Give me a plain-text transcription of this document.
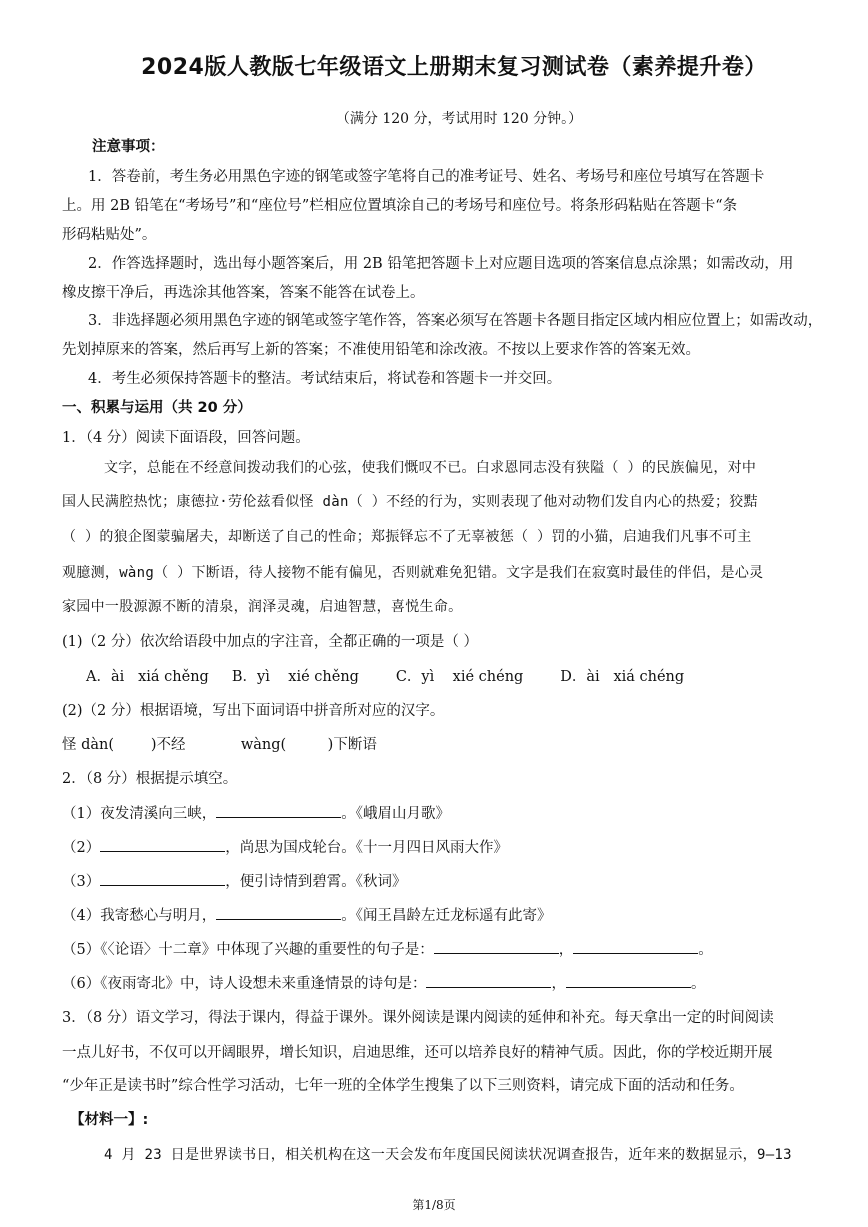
2024版人教版七年级语文上册期末复习测试卷（素养提升卷）
（满分 120 分，考试用时 120 分钟。）
注意事项：
1．答卷前，考生务必用黑色字迹的钢笔或签字笔将自己的准考证号、姓名、考场号和座位号填写在答题卡
上。用 2B 铅笔在“考场号”和“座位号”栏相应位置填涂自己的考场号和座位号。将条形码粘贴在答题卡“条
形码粘贴处”。
2．作答选择题时，选出每小题答案后，用 2B 铅笔把答题卡上对应题目选项的答案信息点涂黑；如需改动，用
橡皮擦干净后，再选涂其他答案，答案不能答在试卷上。
3．非选择题必须用黑色字迹的钢笔或签字笔作答，答案必须写在答题卡各题目指定区域内相应位置上；如需改动，
先划掉原来的答案，然后再写上新的答案；不准使用铅笔和涂改液。不按以上要求作答的答案无效。
4．考生必须保持答题卡的整洁。考试结束后，将试卷和答题卡一并交回。
一、积累与运用（共 20 分）
1．（4 分）阅读下面语段，回答问题。
文字，总能在不经意间拨动我们的心弦，使我们慨叹不已。白求恩同志没有狭隘（ ）的民族偏见，对中
国人民满腔热忱；康德拉·劳伦兹看似怪 dàn（ ）不经的行为，实则表现了他对动物们发自内心的热爱；狡黠
（ ）的狼企图蒙骗屠夫，却断送了自己的性命；郑振铎忘不了无辜被惩（ ）罚的小猫，启迪我们凡事不可主
观臆测，wàng（ ）下断语，待人接物不能有偏见，否则就难免犯错。文字是我们在寂寞时最佳的伴侣，是心灵
家园中一股源源不断的清泉，润泽灵魂，启迪智慧，喜悦生命。
(1)（2 分）依次给语段中加点的字注音，全都正确的一项是（ ）
A．ài   xiá chěng     B．yì    xié chěng        C．yì    xié chéng        D．ài   xiá chéng
(2)（2 分）根据语境，写出下面词语中拼音所对应的汉字。
怪 dàn(        )不经            wàng(         )下断语
2．（8 分）根据提示填空。
（1）夜发清溪向三峡，	。《峨眉山月歌》
（2）	，尚思为国戍轮台。《十一月四日风雨大作》
（3）	，便引诗情到碧霄。《秋词》
（4）我寄愁心与明月，	。《闻王昌龄左迁龙标遥有此寄》
（5）《〈论语〉十二章》中体现了兴趣的重要性的句子是：	，	。
（6）《夜雨寄北》中，诗人设想未来重逢情景的诗句是：	，	。
3．（8 分）语文学习，得法于课内，得益于课外。课外阅读是课内阅读的延伸和补充。每天拿出一定的时间阅读
一点儿好书，不仅可以开阔眼界，增长知识，启迪思维，还可以培养良好的精神气质。因此，你的学校近期开展
“少年正是读书时”综合性学习活动，七年一班的全体学生搜集了以下三则资料，请完成下面的活动和任务。
【材料一】:
4 月 23 日是世界读书日，相关机构在这一天会发布年度国民阅读状况调查报告，近年来的数据显示，9—13
第1/8页
